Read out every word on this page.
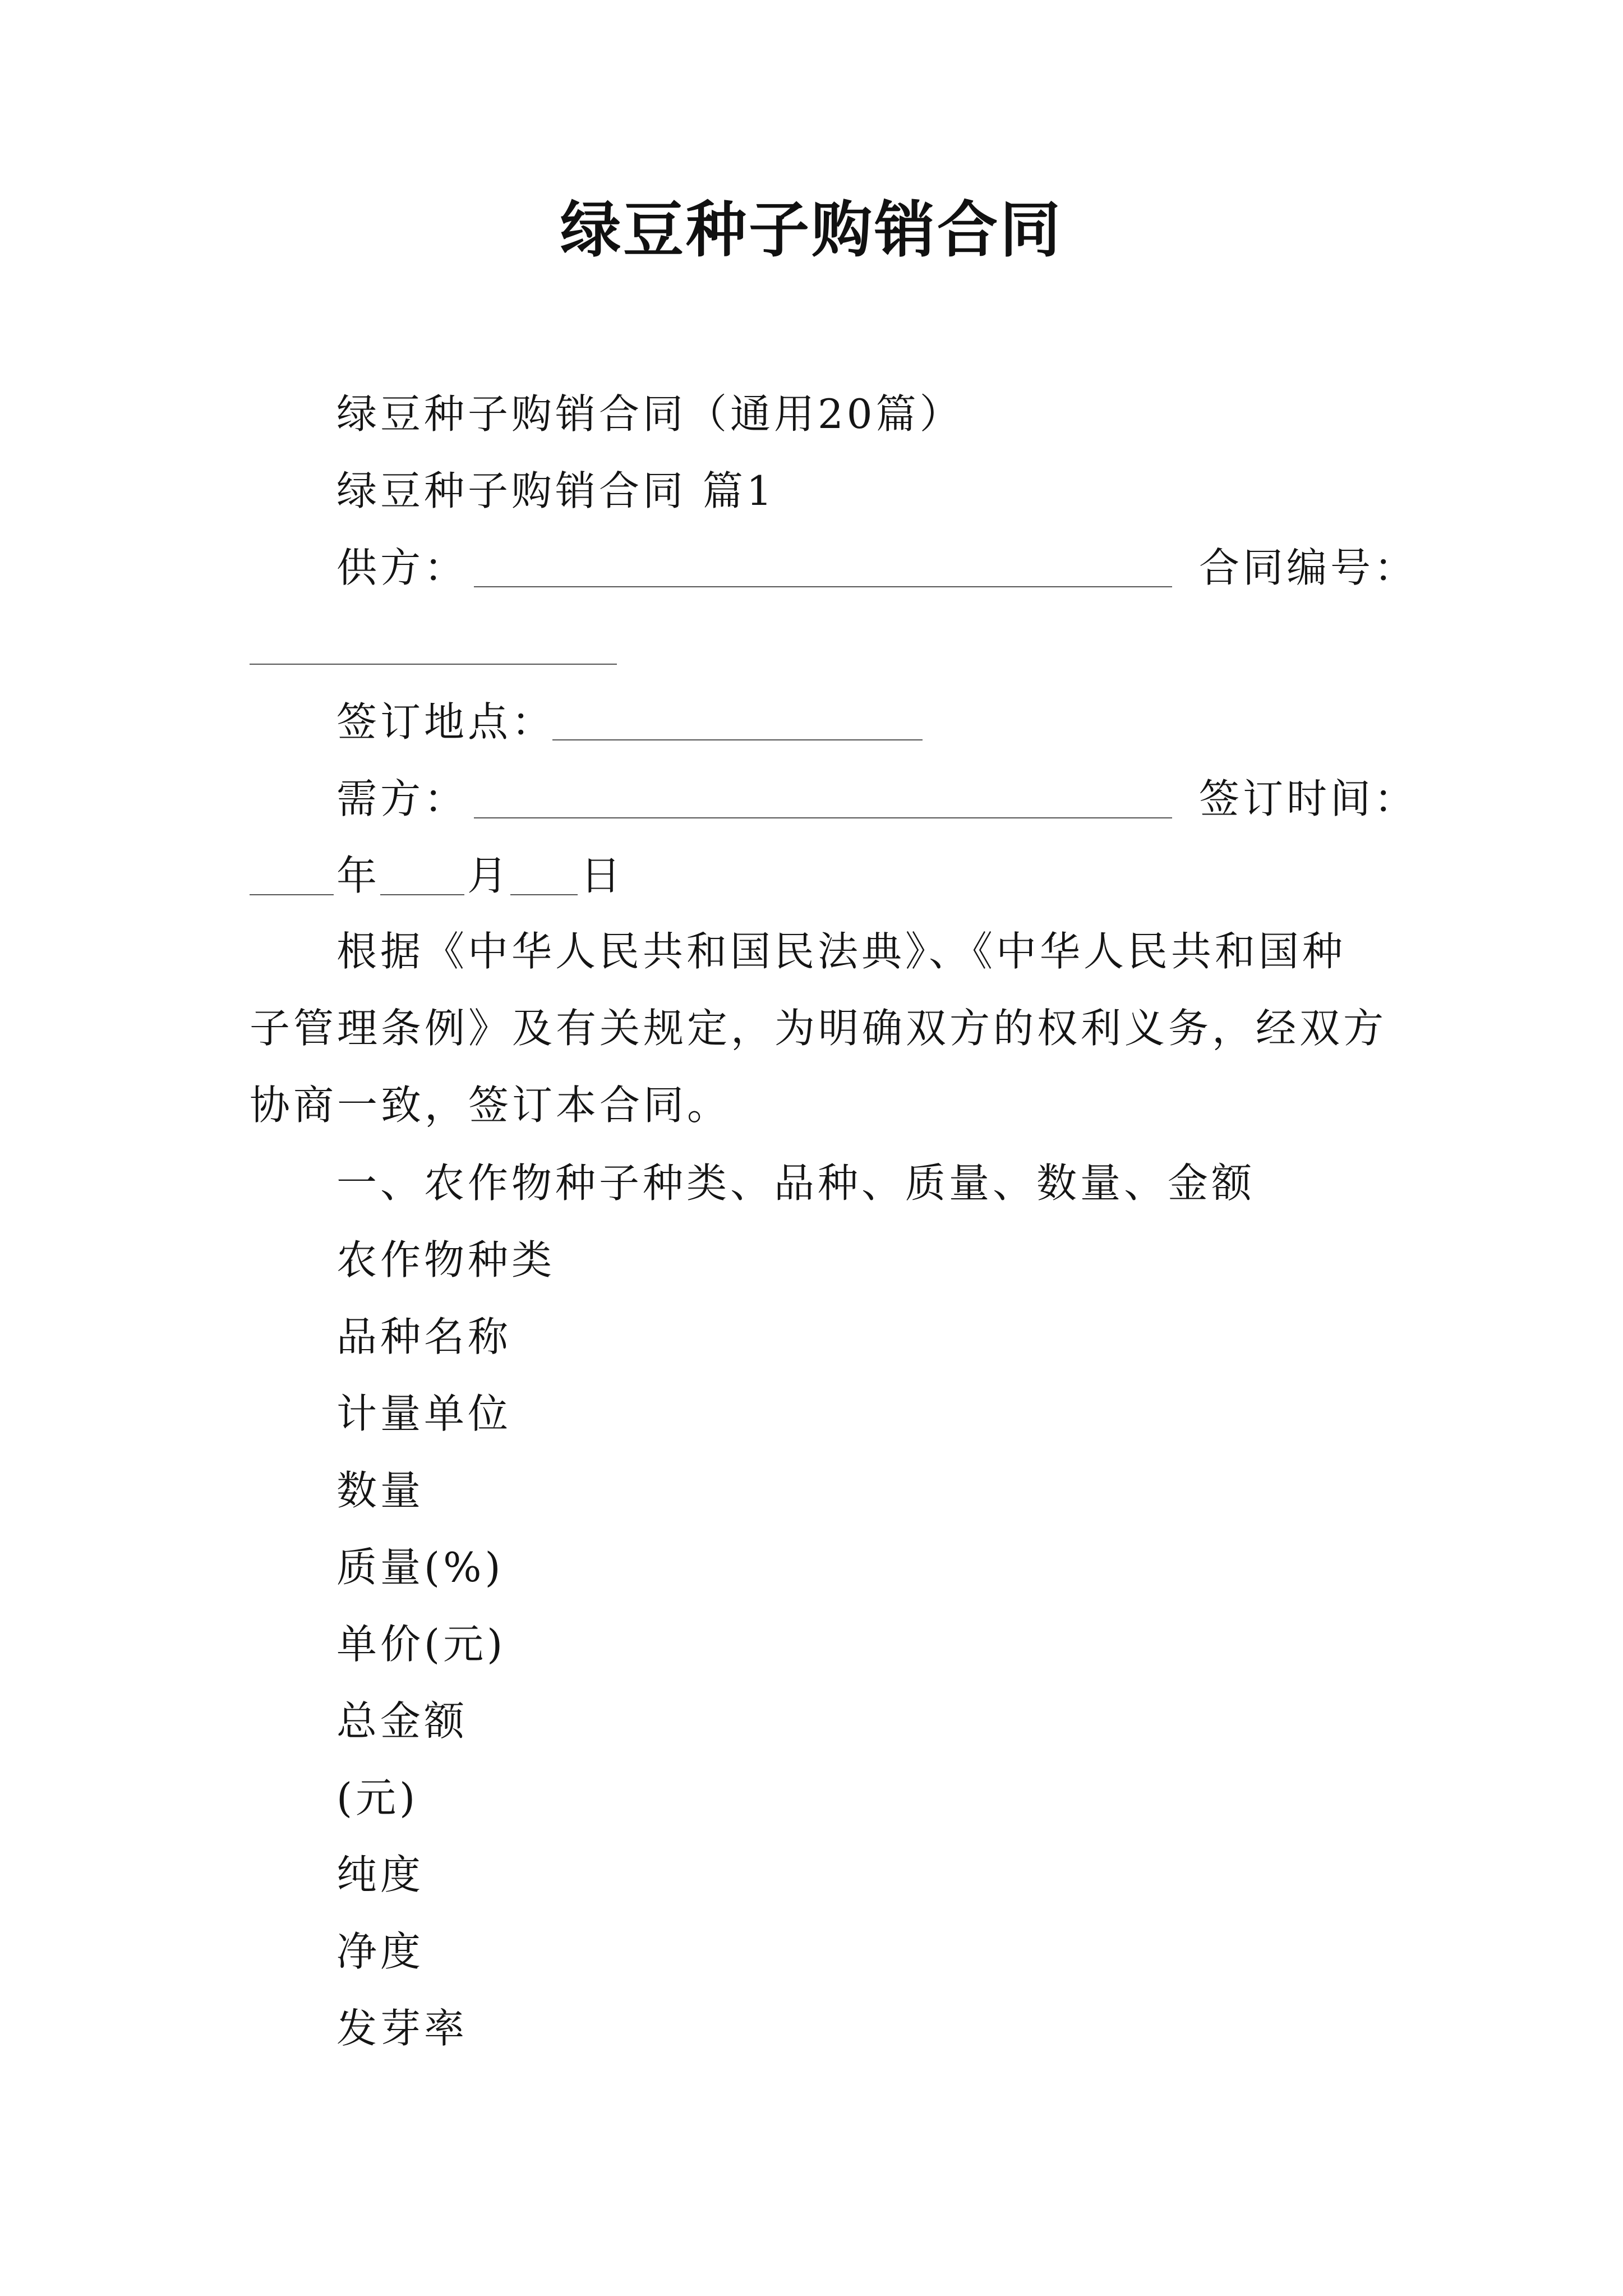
绿豆种子购销合同
绿豆种子购销合同（通用20篇）
绿豆种子购销合同 篇1
供方：	合同编号：
签订地点：
需方：	签订时间：
年 月 日
根据《中华人民共和国民法典》、《中华人民共和国种子管理条例》及有关规定，为明确双方的权利义务，经双方协商一致，签订本合同。
一、农作物种子种类、品种、质量、数量、金额
农作物种类
品种名称
计量单位
数量
质量(%)
单价(元)
总金额
(元)
纯度
净度
发芽率
